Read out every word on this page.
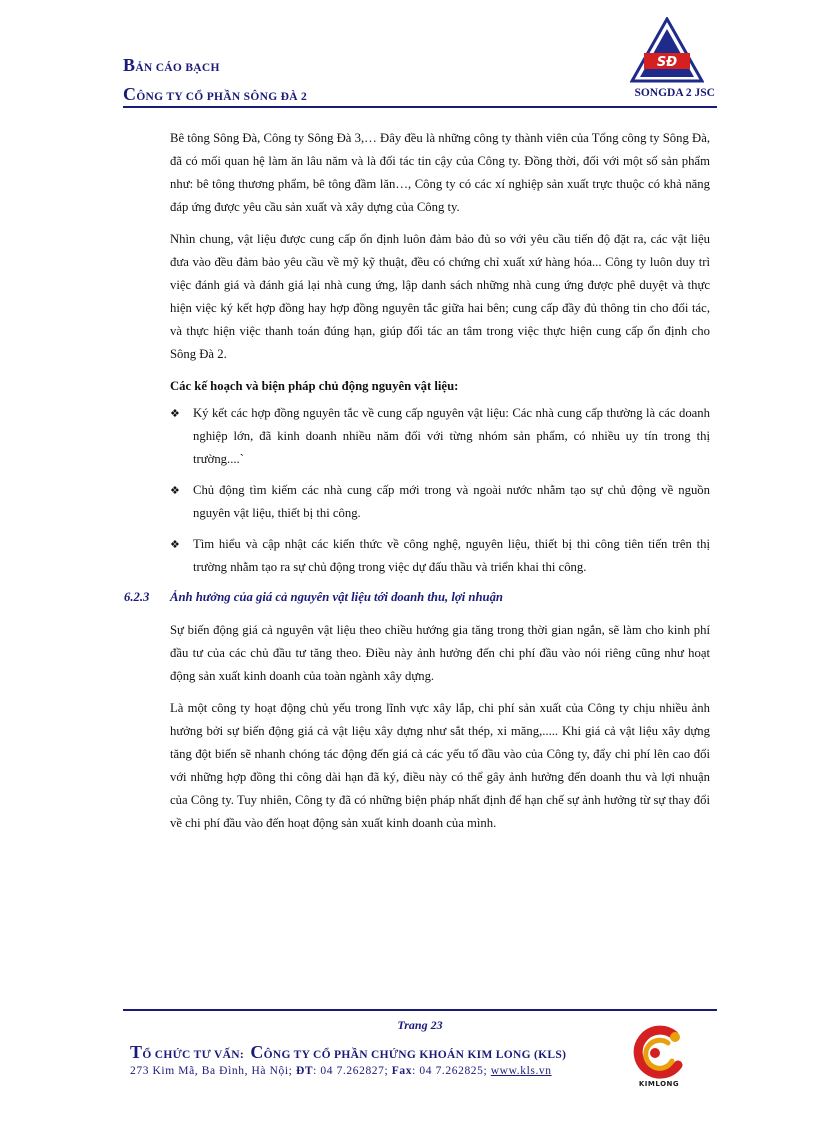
BẢN CÁO BẠCH
CÔNG TY CỔ PHẦN SÔNG ĐÀ 2	SONGDA 2 JSC
SĐ

Bê tông Sông Đà, Công ty Sông Đà 3,… Đây đều là những công ty thành viên của Tổng công ty Sông Đà, đã có mối quan hệ làm ăn lâu năm và là đối tác tin cậy của Công ty. Đồng thời, đối với một số sản phẩm như: bê tông thương phẩm, bê tông đầm lăn…, Công ty có các xí nghiệp sản xuất trực thuộc có khả năng đáp ứng được yêu cầu sản xuất và xây dựng của Công ty.

Nhìn chung, vật liệu được cung cấp ổn định luôn đảm bảo đủ so với yêu cầu tiến độ đặt ra, các vật liệu đưa vào đều đảm bảo yêu cầu về mỹ kỹ thuật, đều có chứng chỉ xuất xứ hàng hóa... Công ty luôn duy trì việc đánh giá và đánh giá lại nhà cung ứng, lập danh sách những nhà cung ứng được phê duyệt và thực hiện việc ký kết hợp đồng hay hợp đồng nguyên tắc giữa hai bên; cung cấp đầy đủ thông tin cho đối tác, và thực hiện việc thanh toán đúng hạn, giúp đối tác an tâm trong việc thực hiện cung cấp ổn định cho Sông Đà 2.

Các kế hoạch và biện pháp chủ động nguyên vật liệu:

❖ Ký kết các hợp đồng nguyên tắc về cung cấp nguyên vật liệu: Các nhà cung cấp thường là các doanh nghiệp lớn, đã kinh doanh nhiều năm đối với từng nhóm sản phẩm, có nhiều uy tín trong thị trường....`
❖ Chủ động tìm kiếm các nhà cung cấp mới trong và ngoài nước nhằm tạo sự chủ động về nguồn nguyên vật liệu, thiết bị thi công.
❖ Tìm hiểu và cập nhật các kiến thức về công nghệ, nguyên liệu, thiết bị thi công tiên tiến trên thị trường nhằm tạo ra sự chủ động trong việc dự đấu thầu và triển khai thi công.
6.2.3 Ảnh hưởng của giá cả nguyên vật liệu tới doanh thu, lợi nhuận

Sự biến động giá cả nguyên vật liệu theo chiều hướng gia tăng trong thời gian ngắn, sẽ làm cho kinh phí đầu tư của các chủ đầu tư tăng theo. Điều này ảnh hưởng đến chi phí đầu vào nói riêng cũng như hoạt động sản xuất kinh doanh của toàn ngành xây dựng.

Là một công ty hoạt động chủ yếu trong lĩnh vực xây lắp, chi phí sản xuất của Công ty chịu nhiều ảnh hưởng bởi sự biến động giá cả vật liệu xây dựng như sắt thép, xi măng,..... Khi giá cả vật liệu xây dựng tăng đột biến sẽ nhanh chóng tác động đến giá cả các yếu tố đầu vào của Công ty, đẩy chi phí lên cao đối với những hợp đồng thi công dài hạn đã ký, điều này có thể gây ảnh hưởng đến doanh thu và lợi nhuận của Công ty. Tuy nhiên, Công ty đã có những biện pháp nhất định để hạn chế sự ảnh hưởng từ sự thay đổi về chi phí đầu vào đến hoạt động sản xuất kinh doanh của mình.

Trang 23
TỔ CHỨC TƯ VẤN: CÔNG TY CỔ PHẦN CHỨNG KHOÁN KIM LONG (KLS)
273 Kim Mã, Ba Đình, Hà Nội; ĐT: 04 7.262827; Fax: 04 7.262825; www.kls.vn
KIMLONG
